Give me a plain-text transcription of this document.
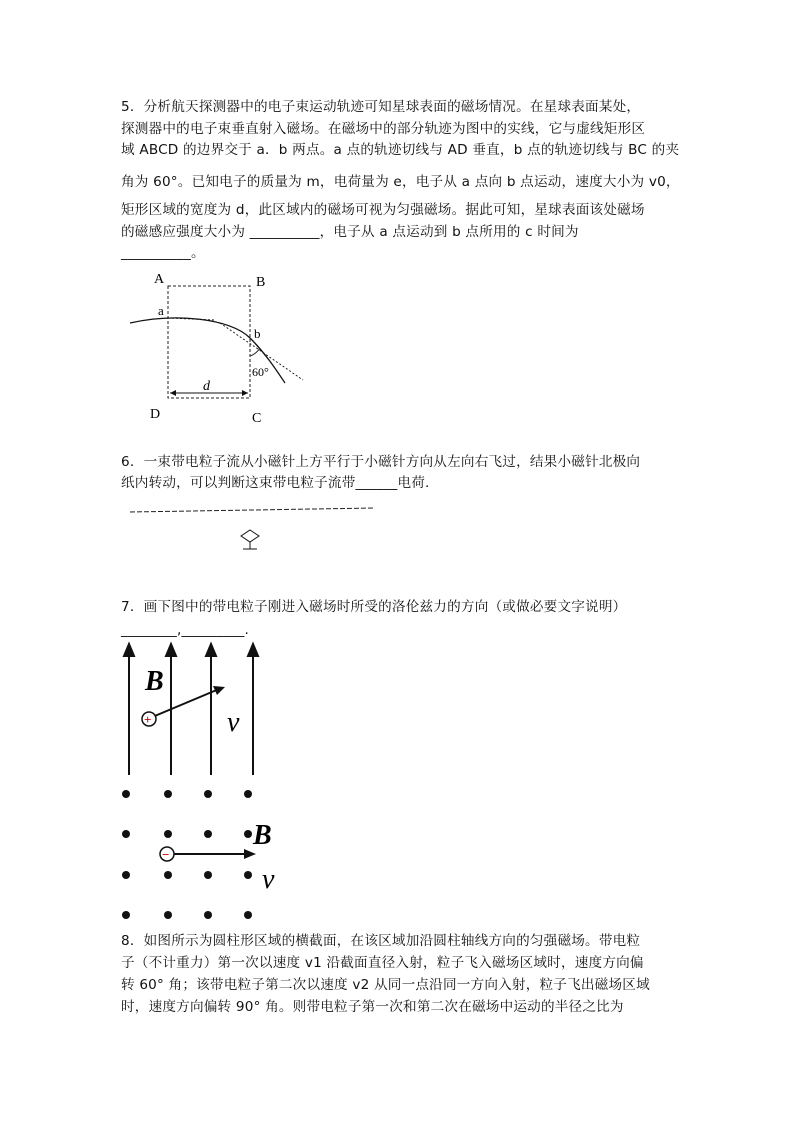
5．分析航天探测器中的电子束运动轨迹可知星球表面的磁场情况。在星球表面某处，
探测器中的电子束垂直射入磁场。在磁场中的部分轨迹为图中的实线，它与虚线矩形区
域 ABCD 的边界交于 a．b 两点。a 点的轨迹切线与 AD 垂直，b 点的轨迹切线与 BC 的夹
角为 60°。已知电子的质量为 m，电荷量为 e，电子从 a 点向 b 点运动，速度大小为 v0，
矩形区域的宽度为 d，此区域内的磁场可视为匀强磁场。据此可知，星球表面该处磁场
的磁感应强度大小为 __________，电子从 a 点运动到 b 点所用的 c 时间为
__________。
A	B
C
D
a
b
d
60°
6．一束带电粒子流从小磁针上方平行于小磁针方向从左向右飞过，结果小磁针北极向
纸内转动，可以判断这束带电粒子流带______电荷.
7．画下图中的带电粒子刚进入磁场时所受的洛伦兹力的方向（或做必要文字说明）
________,_________.
B
+	v
−
B
v
8．如图所示为圆柱形区域的横截面，在该区域加沿圆柱轴线方向的匀强磁场。带电粒
子（不计重力）第一次以速度 v1 沿截面直径入射，粒子飞入磁场区域时，速度方向偏
转 60° 角；该带电粒子第二次以速度 v2 从同一点沿同一方向入射，粒子飞出磁场区域
时，速度方向偏转 90° 角。则带电粒子第一次和第二次在磁场中运动的半径之比为
